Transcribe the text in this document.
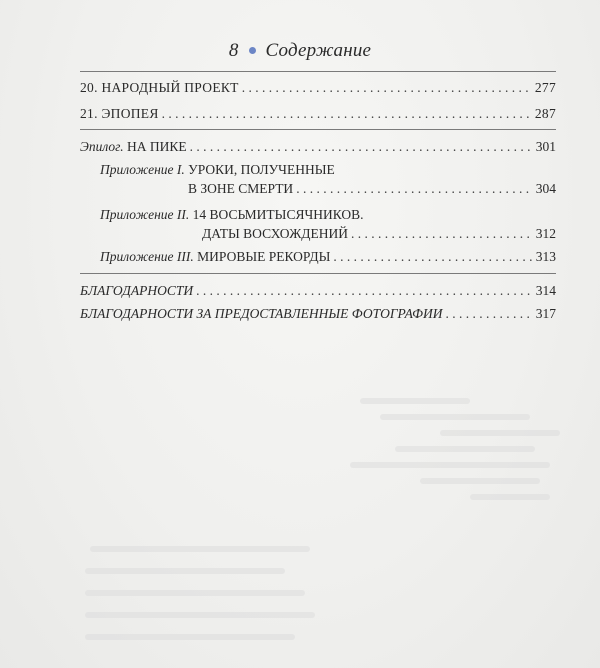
8 Содержание
20. НАРОДНЫЙ ПРОЕКТ . . .	277
21. ЭПОПЕЯ . . .	287
Эпилог. НА ПИКЕ . . .	301
Приложение I. УРОКИ, ПОЛУЧЕННЫЕ
В ЗОНЕ СМЕРТИ . . .	304
Приложение II. 14 ВОСЬМИТЫСЯЧНИКОВ.
ДАТЫ ВОСХОЖДЕНИЙ . . .	312
Приложение III. МИРОВЫЕ РЕКОРДЫ . . .	313
БЛАГОДАРНОСТИ . . .	314
БЛАГОДАРНОСТИ ЗА ПРЕДОСТАВЛЕННЫЕ ФОТОГРАФИИ . . .	317
